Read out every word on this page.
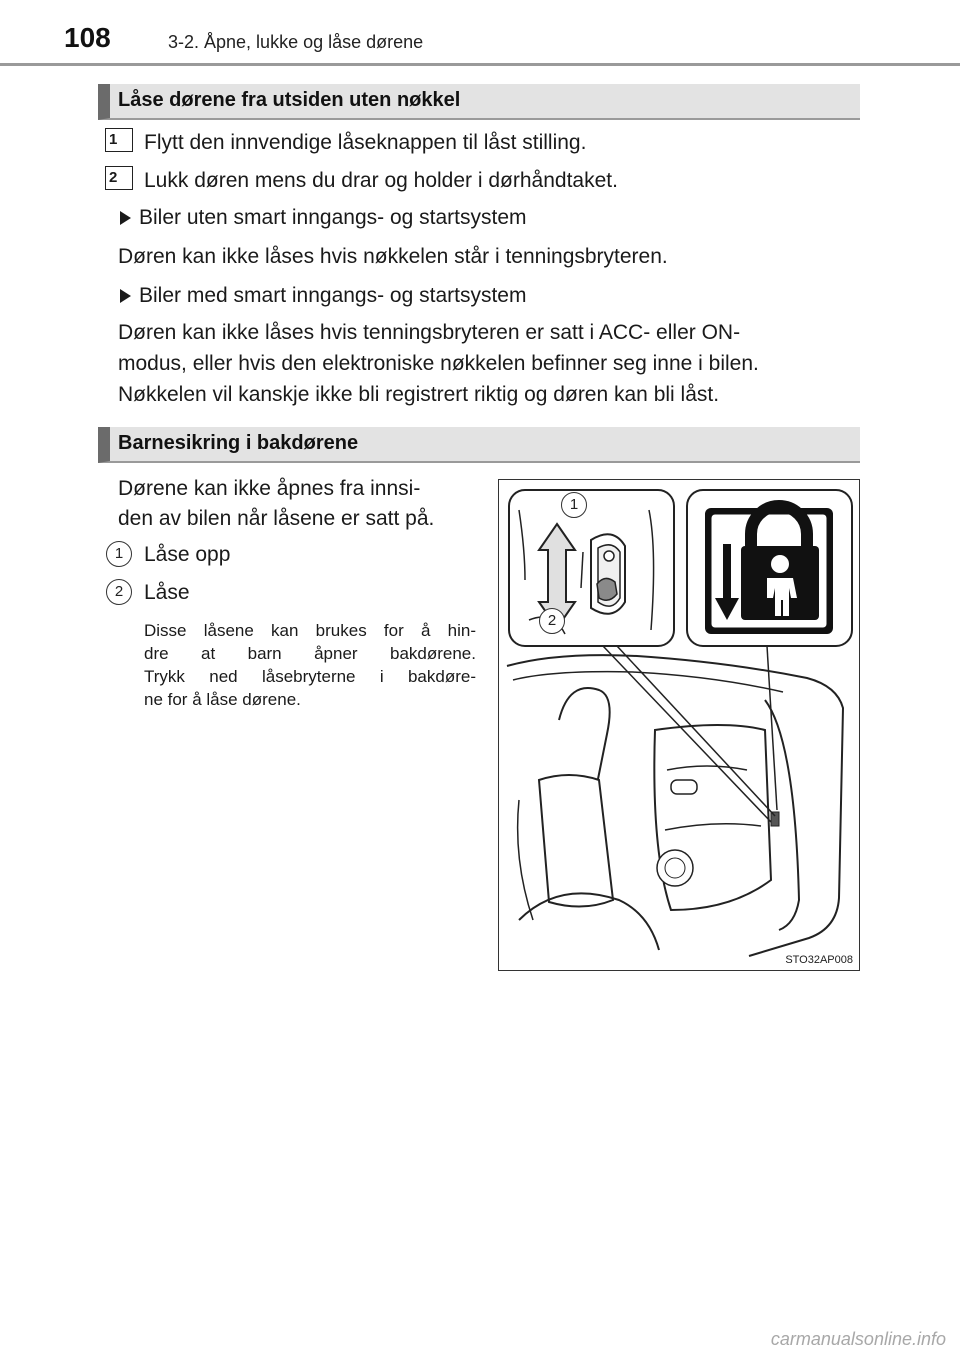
108	3-2. Åpne, lukke og låse dørene
Låse dørene fra utsiden uten nøkkel
1	Flytt den innvendige låseknappen til låst stilling.
2	Lukk døren mens du drar og holder i dørhåndtaket.
Biler uten smart inngangs- og startsystem
Døren kan ikke låses hvis nøkkelen står i tenningsbryteren.
Biler med smart inngangs- og startsystem
Døren kan ikke låses hvis tenningsbryteren er satt i ACC- eller ON-
modus, eller hvis den elektroniske nøkkelen befinner seg inne i bilen.
Nøkkelen vil kanskje ikke bli registrert riktig og døren kan bli låst.
Barnesikring i bakdørene
Dørene kan ikke åpnes fra innsi-
den av bilen når låsene er satt på.
1 Låse opp
2 Låse
Disse låsene kan brukes for å hin-
dre at barn åpner bakdørene.
Trykk ned låsebryterne i bakdøre-
ne for å låse dørene.
1
2
STO32AP008
carmanualsonline.info
